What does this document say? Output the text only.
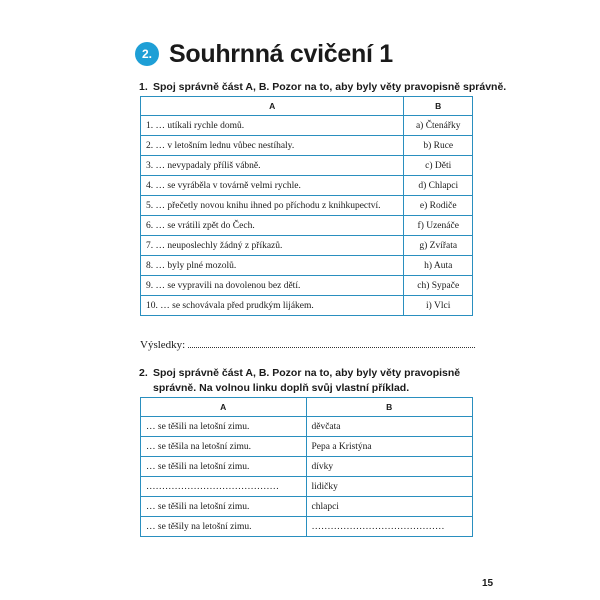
2. Souhrnná cvičení 1
1. Spoj správně část A, B. Pozor na to, aby byly věty pravopisně správně.
A	B
1. … utíkali rychle domů.	a) Čtenářky
2. … v letošním lednu vůbec nestíhaly.	b) Ruce
3. … nevypadaly příliš vábně.	c) Děti
4. … se vyráběla v továrně velmi rychle.	d) Chlapci
5. … přečetly novou knihu ihned po příchodu z knihkupectví.	e) Rodiče
6. … se vrátili zpět do Čech.	f) Uzenáče
7. … neuposlechly žádný z příkazů.	g) Zvířata
8. … byly plné mozolů.	h) Auta
9. … se vypravili na dovolenou bez dětí.	ch) Sypače
10. … se schovávala před prudkým lijákem.	i) Vlci
Výsledky:
2. Spoj správně část A, B. Pozor na to, aby byly věty pravopisně správně. Na volnou linku doplň svůj vlastní příklad.
A	B
… se těšili na letošní zimu.	děvčata
… se těšila na letošní zimu.	Pepa a Kristýna
… se těšili na letošní zimu.	dívky
……………………………………	lidičky
… se těšili na letošní zimu.	chlapci
… se těšily na letošní zimu.	……………………………………
15
